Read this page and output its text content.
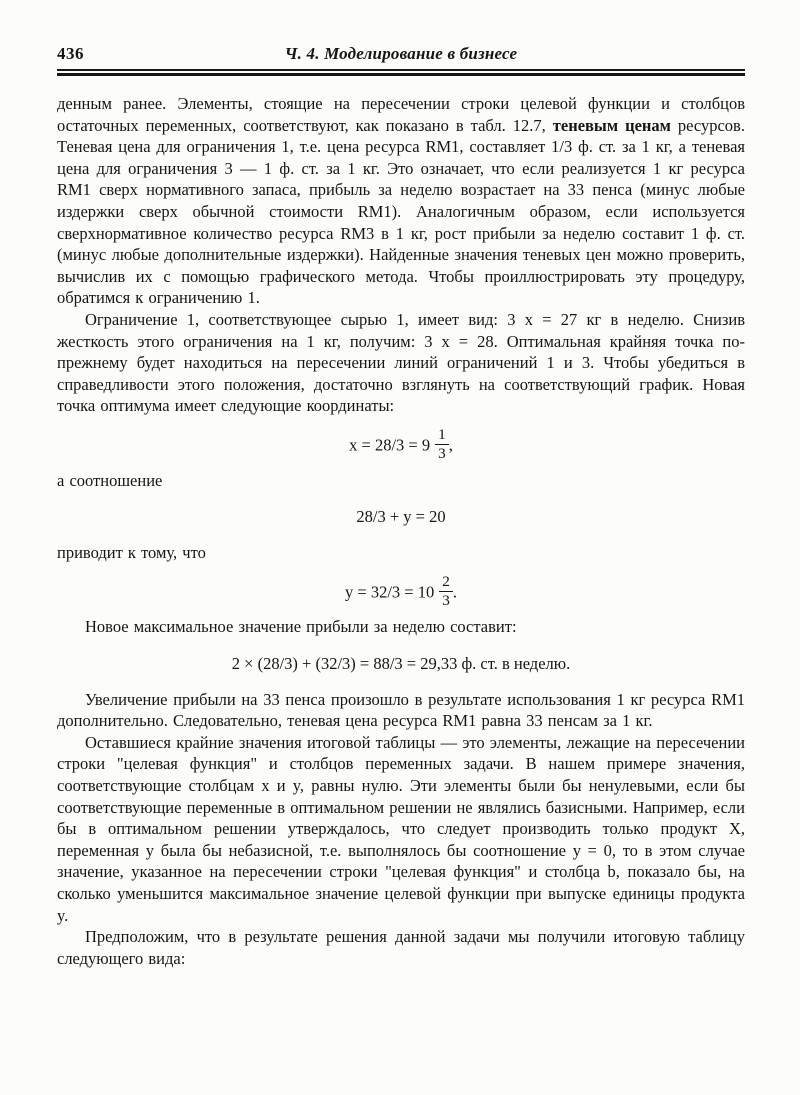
436	Ч. 4. Моделирование в бизнесе

денным ранее. Элементы, стоящие на пересечении строки целевой функции и столбцов остаточных переменных, соответствуют, как показано в табл. 12.7, теневым ценам ресурсов. Теневая цена для ограничения 1, т.е. цена ресурса RM1, составляет 1/3 ф. ст. за 1 кг, а теневая цена для ограничения 3 — 1 ф. ст. за 1 кг. Это означает, что если реализуется 1 кг ресурса RM1 сверх нормативного запаса, прибыль за неделю возрастает на 33 пенса (минус любые издержки сверх обычной стоимости RM1). Аналогичным образом, если используется сверхнормативное количество ресурса RM3 в 1 кг, рост прибыли за неделю составит 1 ф. ст. (минус любые дополнительные издержки). Найденные значения теневых цен можно проверить, вычислив их с помощью графического метода. Чтобы проиллюстрировать эту процедуру, обратимся к ограничению 1.

Ограничение 1, соответствующее сырью 1, имеет вид: 3 x = 27 кг в неделю. Снизив жесткость этого ограничения на 1 кг, получим: 3 x = 28. Оптимальная крайняя точка по-прежнему будет находиться на пересечении линий ограничений 1 и 3. Чтобы убедиться в справедливости этого положения, достаточно взглянуть на соответствующий график. Новая точка оптимума имеет следующие координаты:

$x = 28/3 = 9 \frac{1}{3}$ ,

а соотношение

28/3 + y = 20

приводит к тому, что

$y = 32/3 = 10 \frac{2}{3}$ .

Новое максимальное значение прибыли за неделю составит:

2 × (28/3) + (32/3) = 88/3 = 29,33 ф. ст. в неделю.

Увеличение прибыли на 33 пенса произошло в результате использования 1 кг ресурса RM1 дополнительно. Следовательно, теневая цена ресурса RM1 равна 33 пенсам за 1 кг.

Оставшиеся крайние значения итоговой таблицы — это элементы, лежащие на пересечении строки "целевая функция" и столбцов переменных задачи. В нашем примере значения, соответствующие столбцам x и y, равны нулю. Эти элементы были бы ненулевыми, если бы соответствующие переменные в оптимальном решении не являлись базисными. Например, если бы в оптимальном решении утверждалось, что следует производить только продукт X, переменная y была бы небазисной, т.е. выполнялось бы соотношение y = 0, то в этом случае значение, указанное на пересечении строки "целевая функция" и столбца b, показало бы, на сколько уменьшится максимальное значение целевой функции при выпуске единицы продукта y.

Предположим, что в результате решения данной задачи мы получили итоговую таблицу следующего вида:
